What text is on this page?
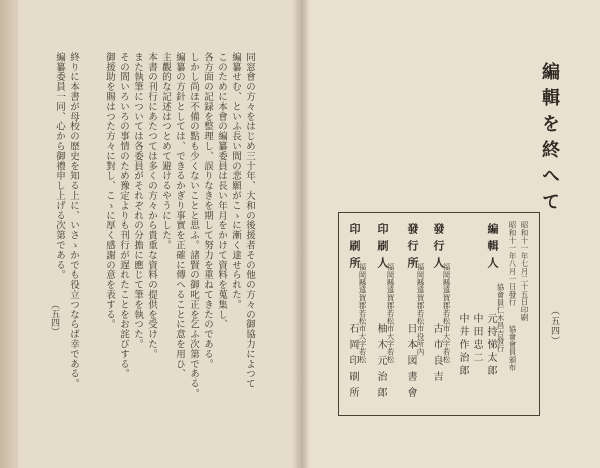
編輯を終へて
同窓會の方々をはじめ三十年、大和の後援者その他の方々の御協力によつて
編纂せむ、といふ長い間の悲願がこゝに漸く達せられた。
このために本會の編纂委員は長い年月をかけて資料を蒐集し、
各方面の記録を整理し、誤りなきを期して努力を重ねてきたのである。
しかし尚ほ不備の點も少くないことと思ふ。諸賢の御叱正を乞ふ次第である。
編纂の方針としては、できるかぎり事實を正確に傳へることに意を用ひ、
主觀的な記述はつとめて避けるやうにした。
本書の刊行にあたつては多くの方々から貴重な資料の提供を受けた。
また執筆については各委員がそれぞれの分擔に應じて筆を執つた。
その間いろいろの事情のため豫定よりも刊行が遅れたことをお詫びする。
御援助を賜はつた方々に對し、こゝに厚く感謝の意を表する。
終りに本書が母校の歴史を知る上に、いさゝかでも役立つならば幸である。
編纂委員一同、心から御禮申し上げる次第である。
（五四）	（五四）
昭和十一年七月二十五日印刷
昭和十一年八月一日發行
協會會員頒布
編輯人
協會員仁木昌吉發行
元持悌太郎
中田忠二
中井作治郎
發行人
福岡縣遠賀郡若松市大字若松
古市良吉
發行所
福岡縣遠賀郡若松市役所内
日本図書會
印刷人
福岡縣遠賀郡若松市大字若松
柚木元治郎
印刷所
福岡縣遠賀郡若松市大字若松
石岡印刷所
